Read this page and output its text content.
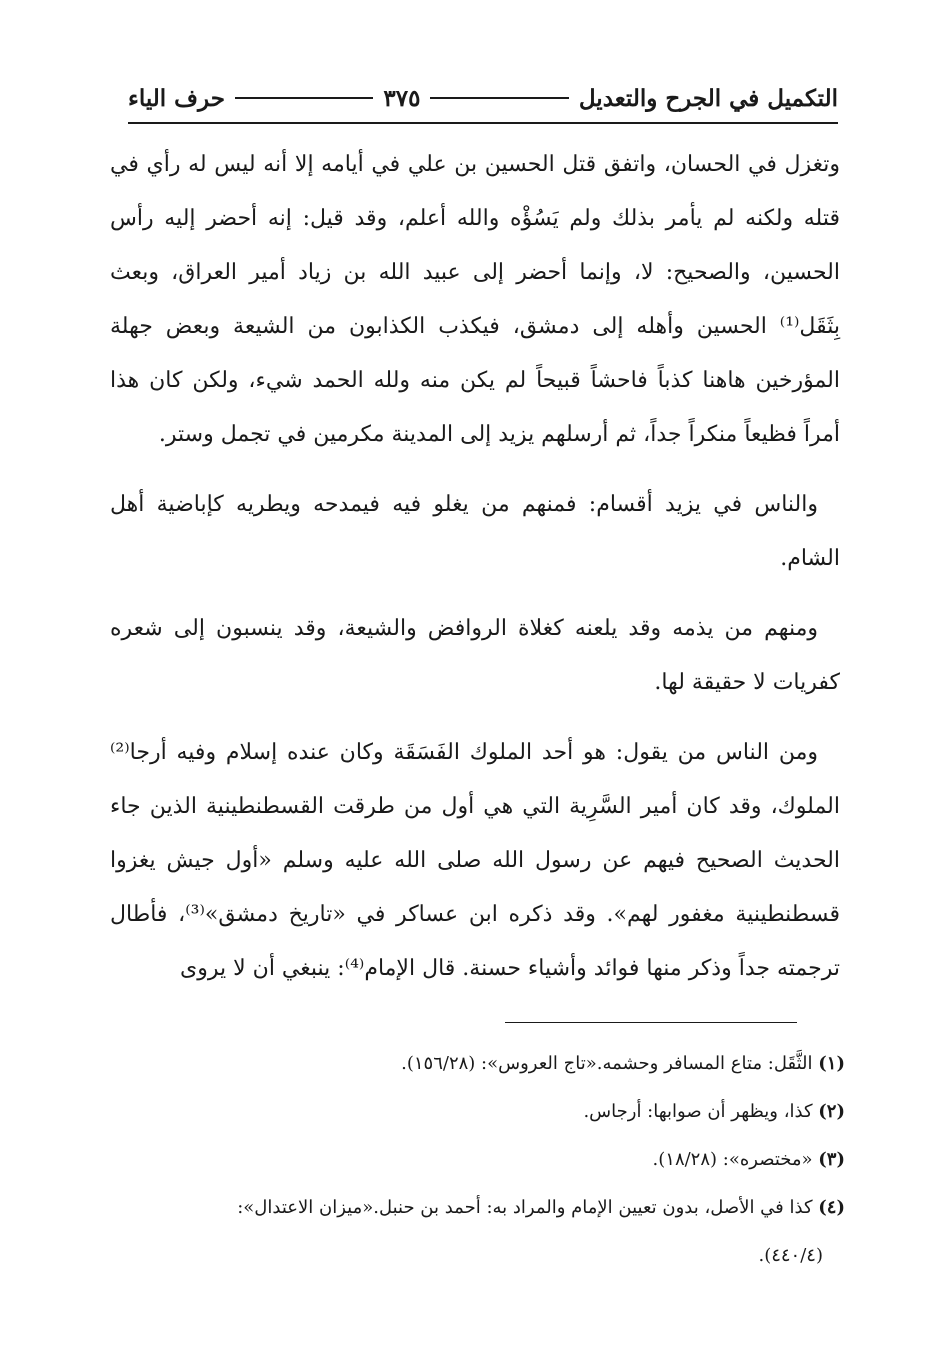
التكميل في الجرح والتعديل
٣٧٥
حرف الياء

وتغزل في الحسان، واتفق قتل الحسين بن علي في أيامه إلا أنه ليس له رأي في قتله ولكنه لم يأمر بذلك ولم يَسُؤْه والله أعلم، وقد قيل: إنه أحضر إليه رأس الحسين، والصحيح: لا، وإنما أحضر إلى عبيد الله بن زياد أمير العراق، وبعث بِثَقَل⁽¹⁾ الحسين وأهله إلى دمشق، فيكذب الكذابون من الشيعة وبعض جهلة المؤرخين هاهنا كذباً فاحشاً قبيحاً لم يكن منه ولله الحمد شيء، ولكن كان هذا أمراً فظيعاً منكراً جداً، ثم أرسلهم يزيد إلى المدينة مكرمين في تجمل وستر.

والناس في يزيد أقسام: فمنهم من يغلو فيه فيمدحه ويطريه كإباضية أهل الشام.

ومنهم من يذمه وقد يلعنه كغلاة الروافض والشيعة، وقد ينسبون إلى شعره كفريات لا حقيقة لها.

ومن الناس من يقول: هو أحد الملوك الفَسَقَة وكان عنده إسلام وفيه أرجا⁽²⁾ الملوك، وقد كان أمير السَّرِية التي هي أول من طرقت القسطنطينية الذين جاء الحديث الصحيح فيهم عن رسول الله صلى الله عليه وسلم «أول جيش يغزوا قسطنطينية مغفور لهم». وقد ذكره ابن عساكر في «تاريخ دمشق»⁽³⁾، فأطال ترجمته جداً وذكر منها فوائد وأشياء حسنة. قال الإمام⁽⁴⁾: ينبغي أن لا يروى

(١) الثَّقَل: متاع المسافر وحشمه.«تاج العروس»: (١٥٦/٢٨).

(٢) كذا، ويظهر أن صوابها: أرجاس.

(٣) «مختصره»: (١٨/٢٨).

(٤) كذا في الأصل، بدون تعيين الإمام والمراد به: أحمد بن حنبل.«ميزان الاعتدال»:

(٤٤٠/٤).
